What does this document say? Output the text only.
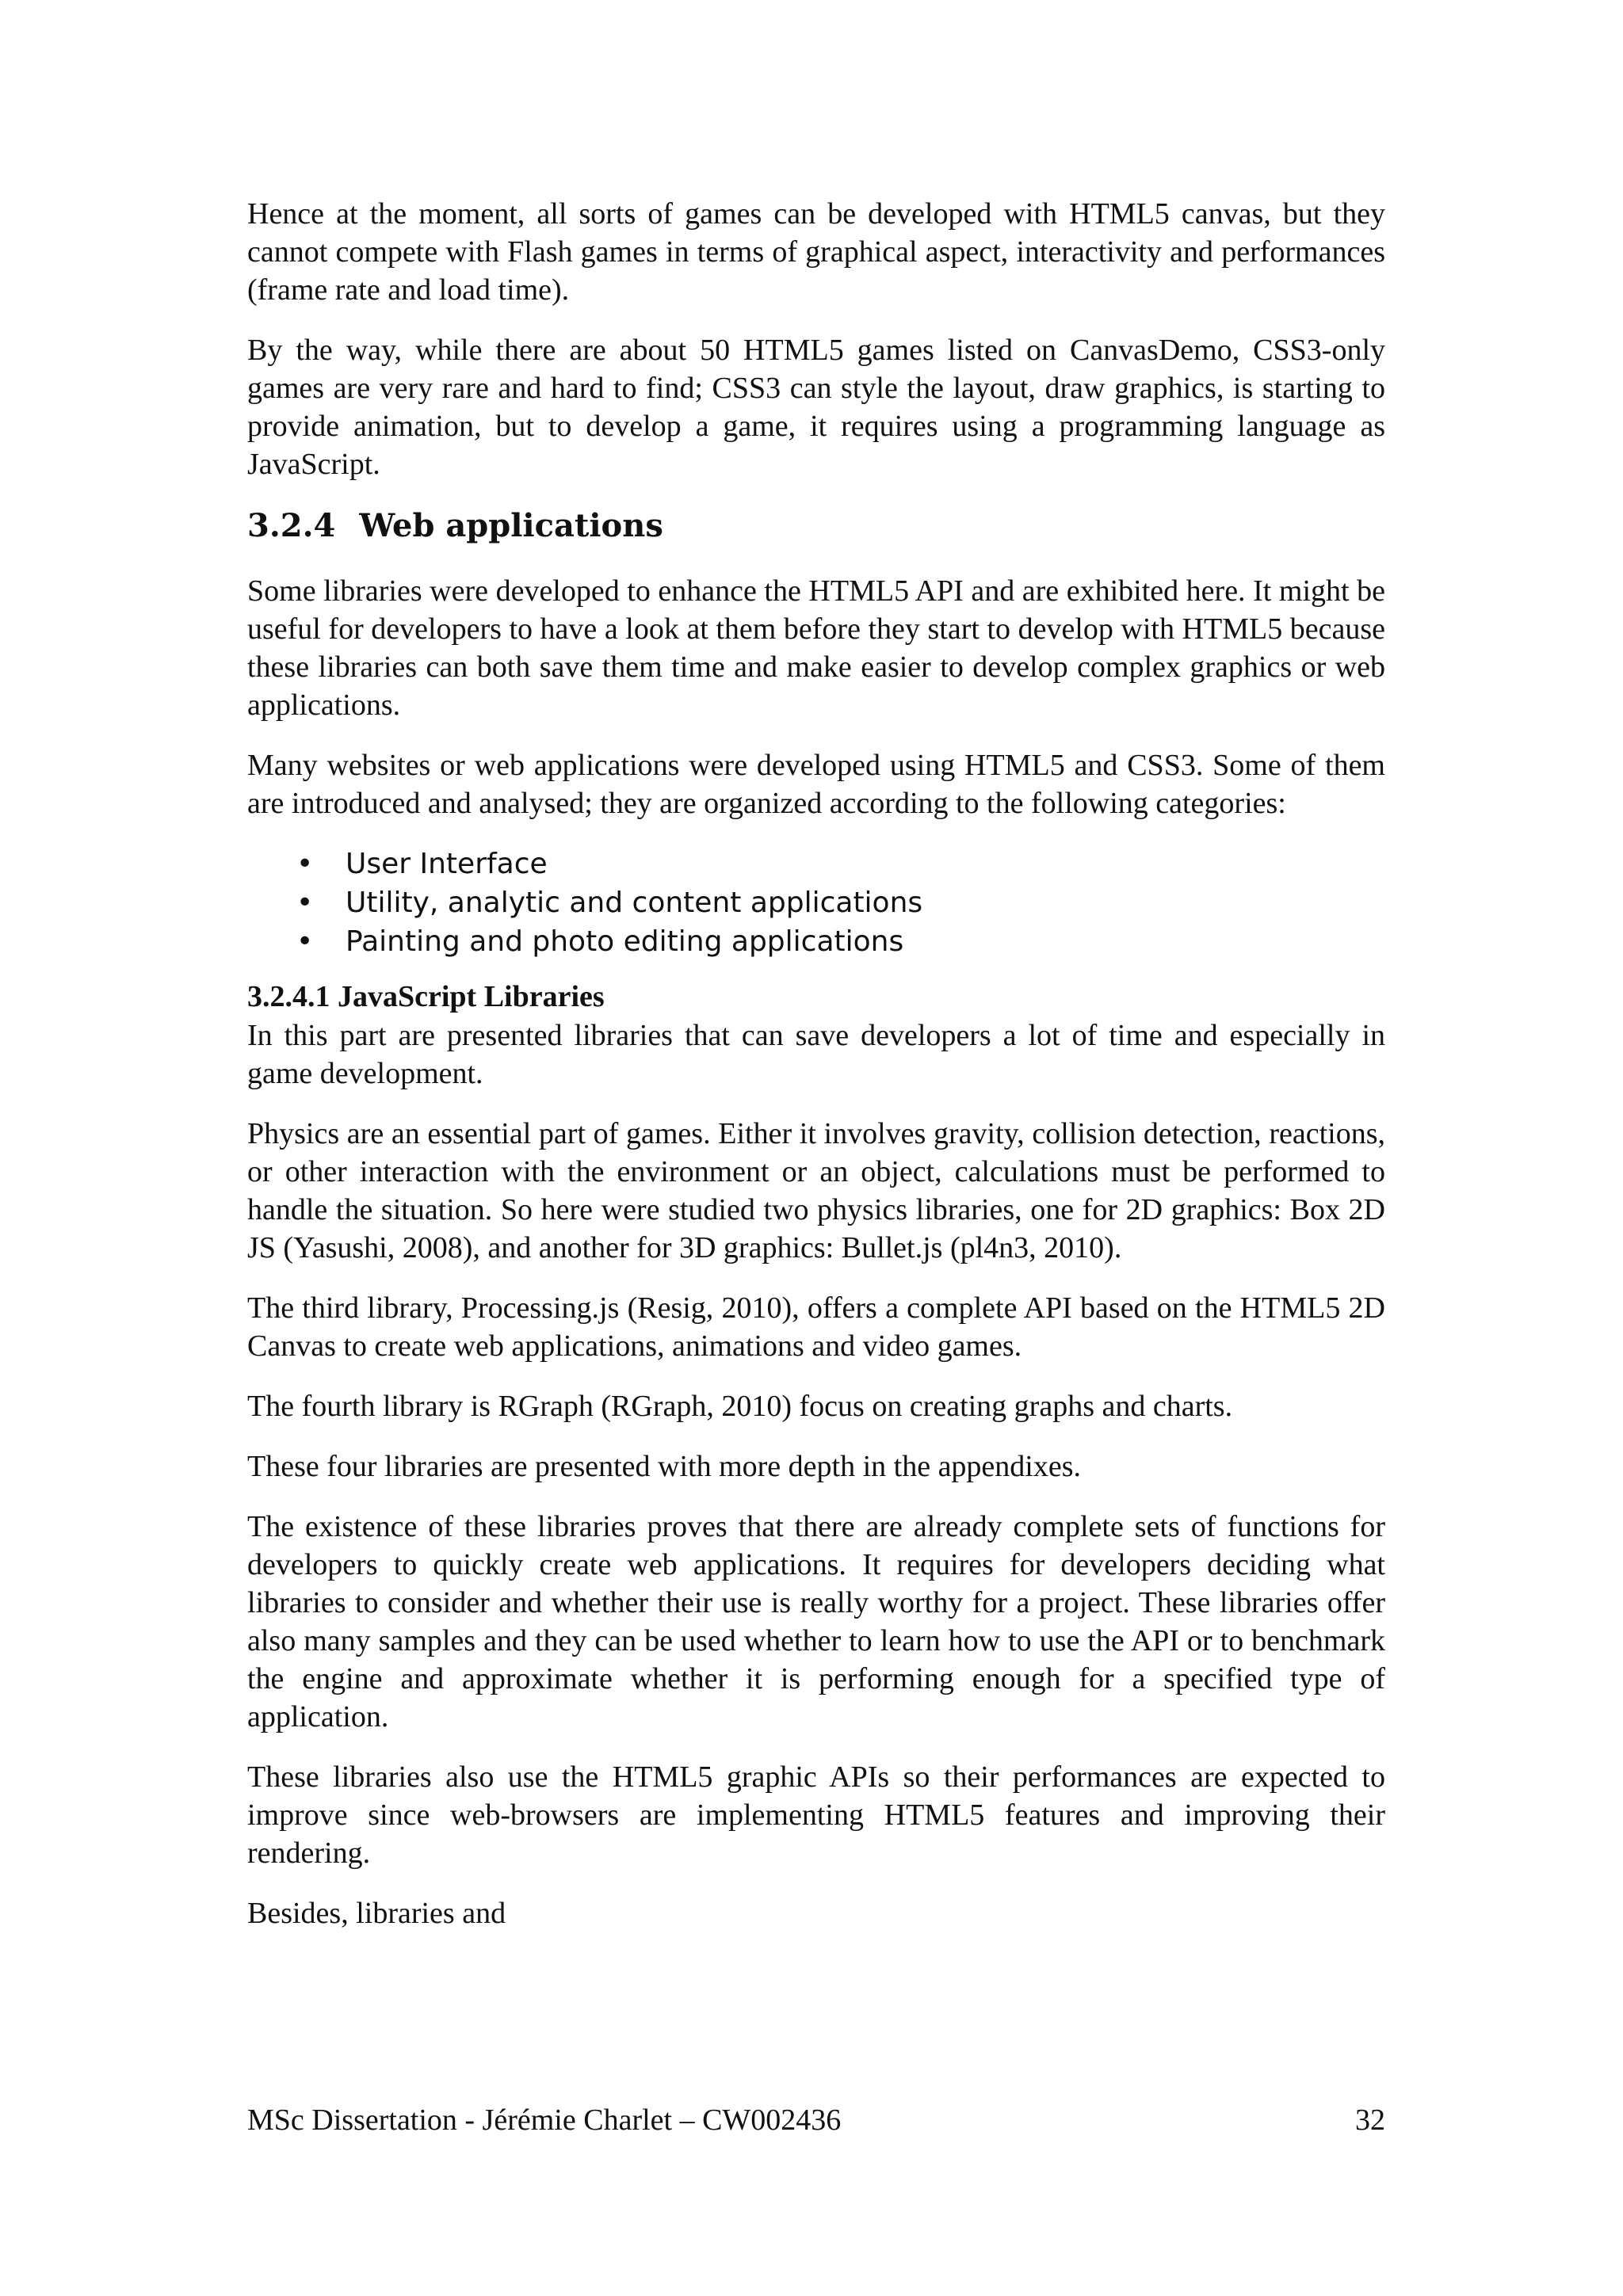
Hence at the moment, all sorts of games can be developed with HTML5 canvas, but they cannot compete with Flash games in terms of graphical aspect, interactivity and performances (frame rate and load time).

By the way, while there are about 50 HTML5 games listed on CanvasDemo, CSS3-only games are very rare and hard to find; CSS3 can style the layout, draw graphics, is starting to provide animation, but to develop a game, it requires using a programming language as JavaScript.

3.2.4 Web applications

Some libraries were developed to enhance the HTML5 API and are exhibited here. It might be useful for developers to have a look at them before they start to develop with HTML5 because these libraries can both save them time and make easier to develop complex graphics or web applications.

Many websites or web applications were developed using HTML5 and CSS3. Some of them are introduced and analysed; they are organized according to the following categories:

• User Interface
• Utility, analytic and content applications
• Painting and photo editing applications
3.2.4.1 JavaScript Libraries

In this part are presented libraries that can save developers a lot of time and especially in game development.

Physics are an essential part of games. Either it involves gravity, collision detection, reactions, or other interaction with the environment or an object, calculations must be performed to handle the situation. So here were studied two physics libraries, one for 2D graphics: Box 2D JS (Yasushi, 2008), and another for 3D graphics: Bullet.js (pl4n3, 2010).

The third library, Processing.js (Resig, 2010), offers a complete API based on the HTML5 2D Canvas to create web applications, animations and video games.

The fourth library is RGraph (RGraph, 2010) focus on creating graphs and charts.

These four libraries are presented with more depth in the appendixes.

The existence of these libraries proves that there are already complete sets of functions for developers to quickly create web applications. It requires for developers deciding what libraries to consider and whether their use is really worthy for a project. These libraries offer also many samples and they can be used whether to learn how to use the API or to benchmark the engine and approximate whether it is performing enough for a specified type of application.

These libraries also use the HTML5 graphic APIs so their performances are expected to improve since web-browsers are implementing HTML5 features and improving their rendering.

Besides, libraries and

MSc Dissertation - Jérémie Charlet – CW002436	32
